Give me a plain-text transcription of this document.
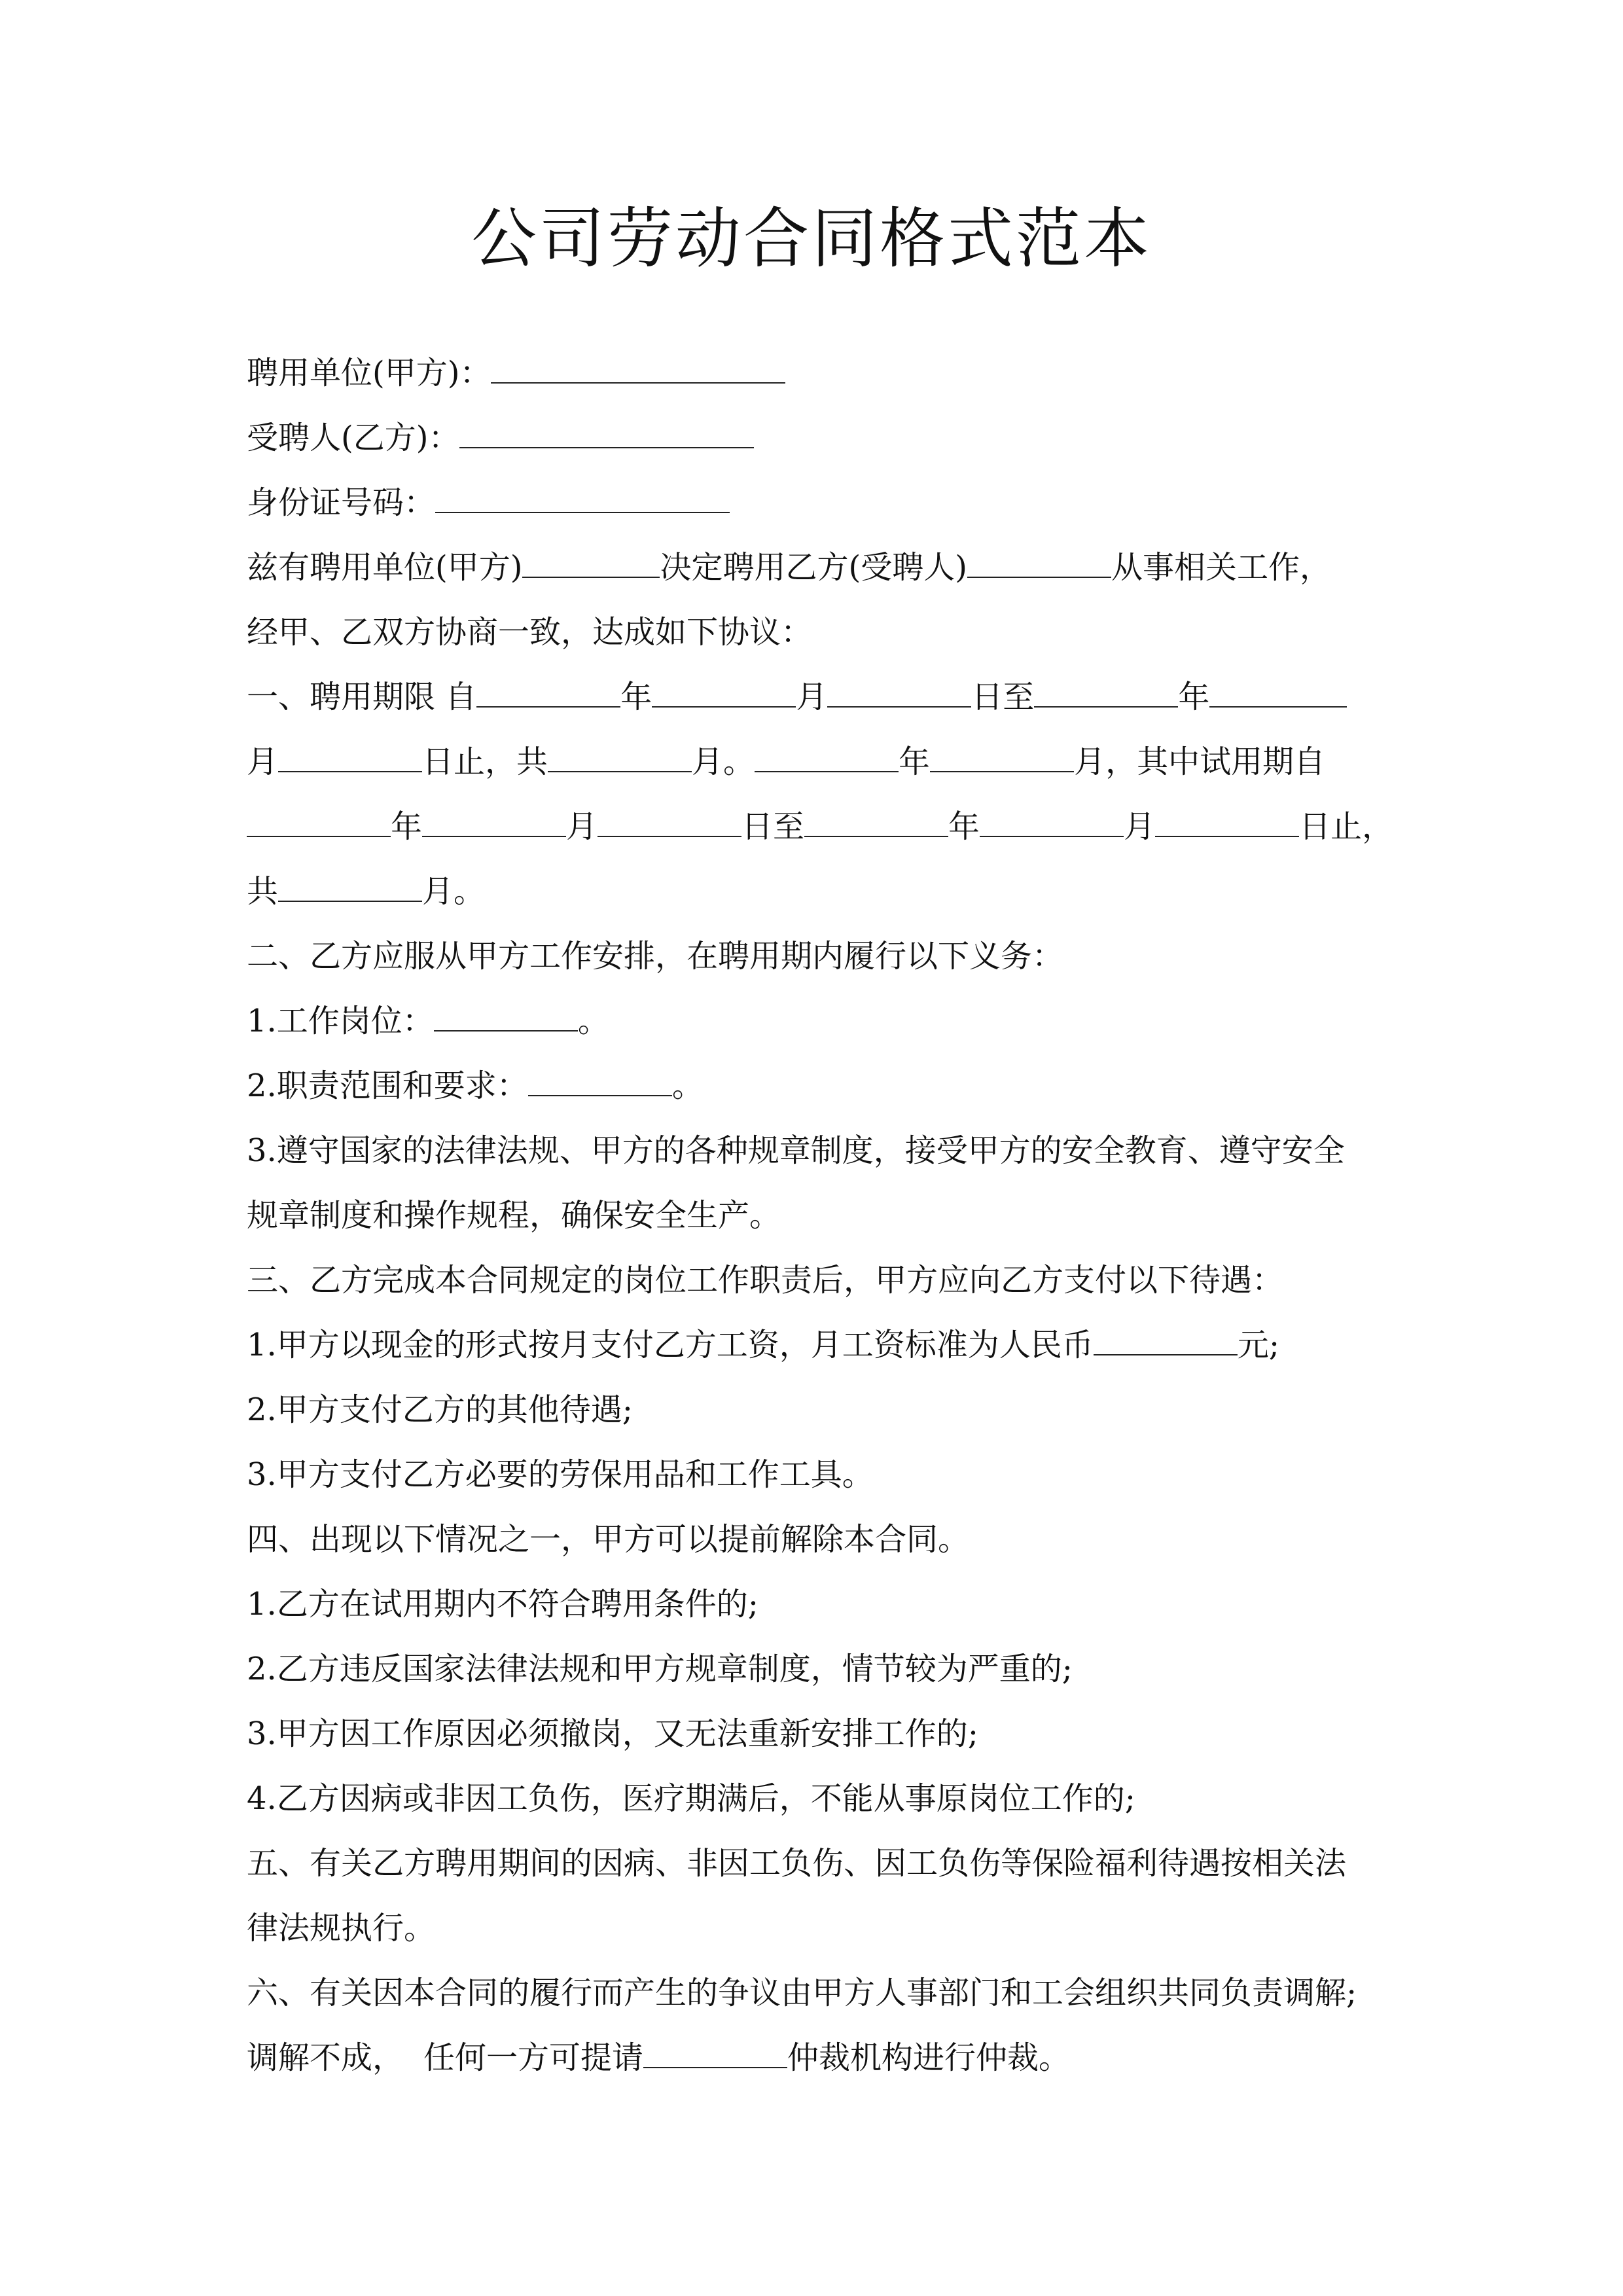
公司劳动合同格式范本
聘用单位(甲方)：
受聘人(乙方)：
身份证号码：
兹有聘用单位(甲方)	决定聘用乙方(受聘人)	从事相关工作，
经甲、乙双方协商一致，达成如下协议：
一、聘用期限 自	年	月	日至	年
月	日止，共	月。	年	月，其中试用期自
年	月	日至	年	月	日止，
共	月。
二、乙方应服从甲方工作安排，在聘用期内履行以下义务：
1.工作岗位：	。
2.职责范围和要求：	。
3.遵守国家的法律法规、甲方的各种规章制度，接受甲方的安全教育、遵守安全
规章制度和操作规程，确保安全生产。
三、乙方完成本合同规定的岗位工作职责后，甲方应向乙方支付以下待遇：
1.甲方以现金的形式按月支付乙方工资，月工资标准为人民币	元;
2.甲方支付乙方的其他待遇;
3.甲方支付乙方必要的劳保用品和工作工具。
四、出现以下情况之一，甲方可以提前解除本合同。
1.乙方在试用期内不符合聘用条件的;
2.乙方违反国家法律法规和甲方规章制度，情节较为严重的;
3.甲方因工作原因必须撤岗，又无法重新安排工作的;
4.乙方因病或非因工负伤，医疗期满后，不能从事原岗位工作的;
五、有关乙方聘用期间的因病、非因工负伤、因工负伤等保险福利待遇按相关法
律法规执行。
六、有关因本合同的履行而产生的争议由甲方人事部门和工会组织共同负责调解;
调解不成， 任何一方可提请	仲裁机构进行仲裁。
